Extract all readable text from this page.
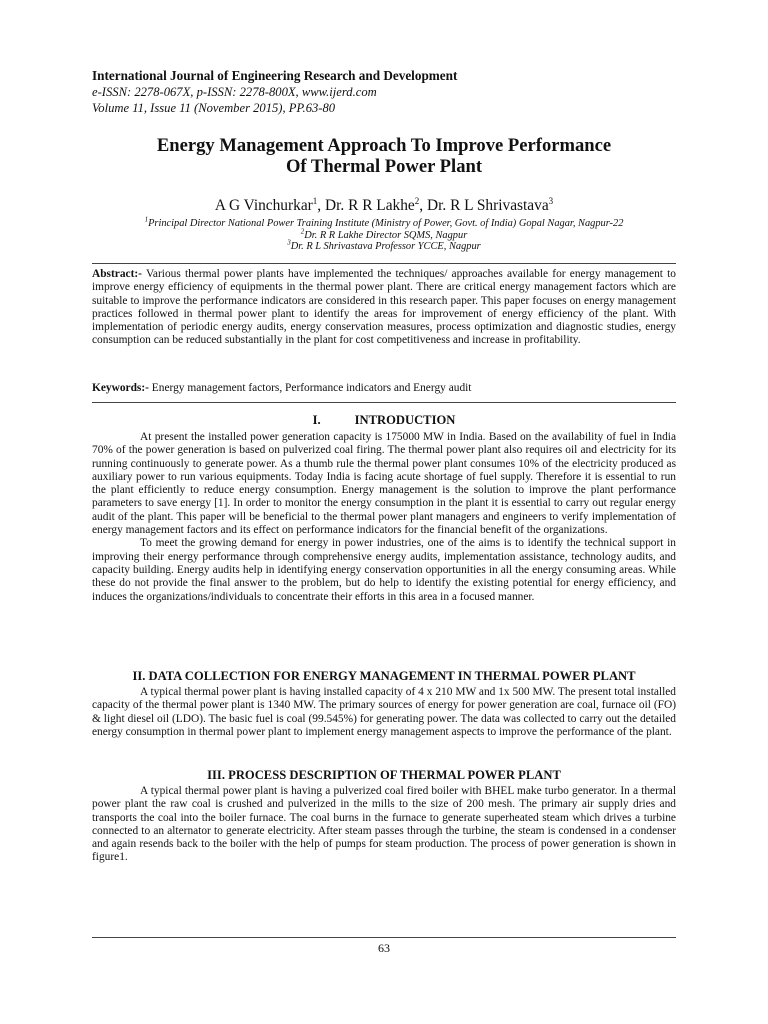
International Journal of Engineering Research and Development
e-ISSN: 2278-067X, p-ISSN: 2278-800X, www.ijerd.com
Volume 11, Issue 11 (November 2015), PP.63-80
Energy Management Approach To Improve Performance
Of Thermal Power Plant
A G Vinchurkar$^1$, Dr. R R Lakhe$^2$, Dr. R L Shrivastava$^3$
$^1$Principal Director National Power Training Institute (Ministry of Power, Govt. of India) Gopal Nagar, Nagpur-22
$^2$Dr. R R Lakhe Director SQMS, Nagpur
$^3$Dr. R L Shrivastava Professor YCCE, Nagpur

Abstract:- Various thermal power plants have implemented the techniques/ approaches available for energy management to improve energy efficiency of equipments in the thermal power plant. There are critical energy management factors which are suitable to improve the performance indicators are considered in this research paper. This paper focuses on energy management practices followed in thermal power plant to identify the areas for improvement of energy efficiency of the plant. With implementation of periodic energy audits, energy conservation measures, process optimization and diagnostic studies, energy consumption can be reduced substantially in the plant for cost competitiveness and increase in profitability.

Keywords:- Energy management factors, Performance indicators and Energy audit

I.	INTRODUCTION

At present the installed power generation capacity is 175000 MW in India. Based on the availability of fuel in India 70% of the power generation is based on pulverized coal firing. The thermal power plant also requires oil and electricity for its running continuously to generate power. As a thumb rule the thermal power plant consumes 10% of the electricity produced as auxiliary power to run various equipments. Today India is facing acute shortage of fuel supply. Therefore it is essential to run the plant efficiently to reduce energy consumption. Energy management is the solution to improve the plant performance parameters to save energy [1]. In order to monitor the energy consumption in the plant it is essential to carry out regular energy audit of the plant. This paper will be beneficial to the thermal power plant managers and engineers to verify implementation of energy management factors and its effect on performance indicators for the financial benefit of the organizations.

To meet the growing demand for energy in power industries, one of the aims is to identify the technical support in improving their energy performance through comprehensive energy audits, implementation assistance, technology audits, and capacity building. Energy audits help in identifying energy conservation opportunities in all the energy consuming areas. While these do not provide the final answer to the problem, but do help to identify the existing potential for energy efficiency, and induces the organizations/individuals to concentrate their efforts in this area in a focused manner.

II. DATA COLLECTION FOR ENERGY MANAGEMENT IN THERMAL POWER PLANT

A typical thermal power plant is having installed capacity of 4 x 210 MW and 1x 500 MW. The present total installed capacity of the thermal power plant is 1340 MW. The primary sources of energy for power generation are coal, furnace oil (FO) & light diesel oil (LDO). The basic fuel is coal (99.545%) for generating power. The data was collected to carry out the detailed energy consumption in thermal power plant to implement energy management aspects to improve the performance of the plant.

III. PROCESS DESCRIPTION OF THERMAL POWER PLANT

A typical thermal power plant is having a pulverized coal fired boiler with BHEL make turbo generator. In a thermal power plant the raw coal is crushed and pulverized in the mills to the size of 200 mesh. The primary air supply dries and transports the coal into the boiler furnace. The coal burns in the furnace to generate superheated steam which drives a turbine connected to an alternator to generate electricity. After steam passes through the turbine, the steam is condensed in a condenser and again resends back to the boiler with the help of pumps for steam production. The process of power generation is shown in figure1.

63
